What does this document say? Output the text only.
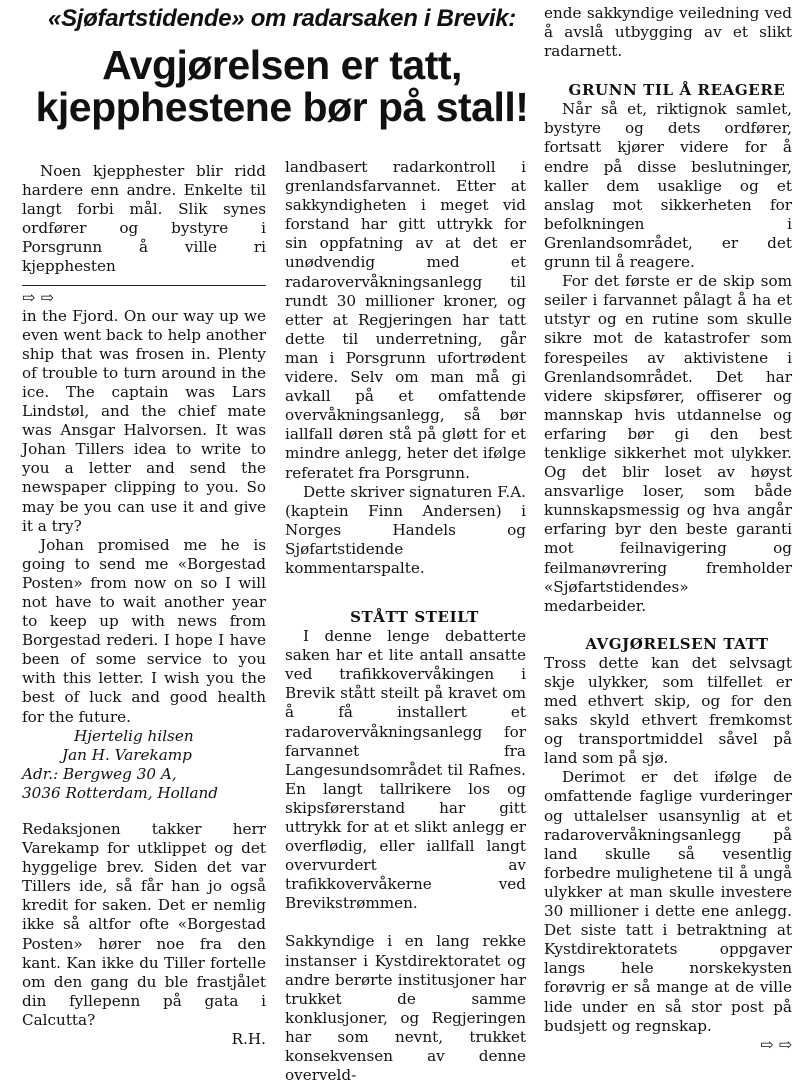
«Sjøfartstidende» om radarsaken i Brevik:
Avgjørelsen er tatt,
kjepphestene bør på stall!

Noen kjepphester blir ridd hardere enn andre. Enkelte til langt forbi mål. Slik synes ordfører og bystyre i Porsgrunn å ville ri kjepphesten

⇨ ⇨

in the Fjord. On our way up we even went back to help another ship that was frosen in. Plenty of trouble to turn around in the ice. The captain was Lars Lindstøl, and the chief mate was Ansgar Halvorsen. It was Johan Tillers idea to write to you a letter and send the newspaper clipping to you. So may be you can use it and give it a try?

Johan promised me he is going to send me «Borgestad Posten» from now on so I will not have to wait another year to keep up with news from Borgestad rederi. I hope I have been of some service to you with this letter. I wish you the best of luck and good health for the future.

Hjertelig hilsen

Jan H. Varekamp

Adr.: Bergweg 30 A,

3036 Rotterdam, Holland

Redaksjonen takker herr Varekamp for utklippet og det hyggelige brev. Siden det var Tillers ide, så får han jo også kredit for saken. Det er nemlig ikke så altfor ofte «Borgestad Posten» hører noe fra den kant. Kan ikke du Tiller fortelle om den gang du ble frastjålet din fyllepenn på gata i Calcutta?

R.H.

landbasert radarkontroll i grenlandsfarvannet. Etter at sakkyndigheten i meget vid forstand har gitt uttrykk for sin oppfatning av at det er unødvendig med et radarovervåkningsanlegg til rundt 30 millioner kroner, og etter at Regjeringen har tatt dette til underretning, går man i Porsgrunn ufortrødent videre. Selv om man må gi avkall på et omfattende overvåkningsanlegg, så bør iallfall døren stå på gløtt for et mindre anlegg, heter det ifølge referatet fra Porsgrunn.

Dette skriver signaturen F.A. (kaptein Finn Andersen) i Norges Handels og Sjøfartstidende kommentarspalte.

STÅTT STEILT

I denne lenge debatterte saken har et lite antall ansatte ved trafikkovervåkingen i Brevik stått steilt på kravet om å få installert et radarovervåkningsanlegg for farvannet fra Langesundsområdet til Rafnes. En langt tallrikere los og skipsførerstand har gitt uttrykk for at et slikt anlegg er overflødig, eller iallfall langt overvurdert av trafikkovervåkerne ved Brevikstrømmen.

Sakkyndige i en lang rekke instanser i Kystdirektoratet og andre berørte institusjoner har trukket de samme konklusjoner, og Regjeringen har som nevnt, trukket konsekvensen av denne overveld-

ende sakkyndige veiledning ved å avslå utbygging av et slikt radarnett.

GRUNN TIL Å REAGERE

Når så et, riktignok samlet, bystyre og dets ordfører, fortsatt kjører videre for å endre på disse beslutninger, kaller dem usaklige og et anslag mot sikkerheten for befolkningen i Grenlandsområdet, er det grunn til å reagere.

For det første er de skip som seiler i farvannet pålagt å ha et utstyr og en rutine som skulle sikre mot de katastrofer som forespeiles av aktivistene i Grenlandsområdet. Det har videre skipsfører, offiserer og mannskap hvis utdannelse og erfaring bør gi den best tenklige sikkerhet mot ulykker. Og det blir loset av høyst ansvarlige loser, som både kunnskapsmessig og hva angår erfaring byr den beste garanti mot feilnavigering og feilmanøvrering fremholder «Sjøfartstidendes» medarbeider.

AVGJØRELSEN TATT

Tross dette kan det selvsagt skje ulykker, som tilfellet er med ethvert skip, og for den saks skyld ethvert fremkomst og transportmiddel såvel på land som på sjø.

Derimot er det ifølge de omfattende faglige vurderinger og uttalelser usansynlig at et radarovervåkningsanlegg på land skulle så vesentlig forbedre mulighetene til å ungå ulykker at man skulle investere 30 millioner i dette ene anlegg. Det siste tatt i betraktning at Kystdirektoratets oppgaver langs hele norskekysten forøvrig er så mange at de ville lide under en så stor post på budsjett og regnskap.

⇨ ⇨
